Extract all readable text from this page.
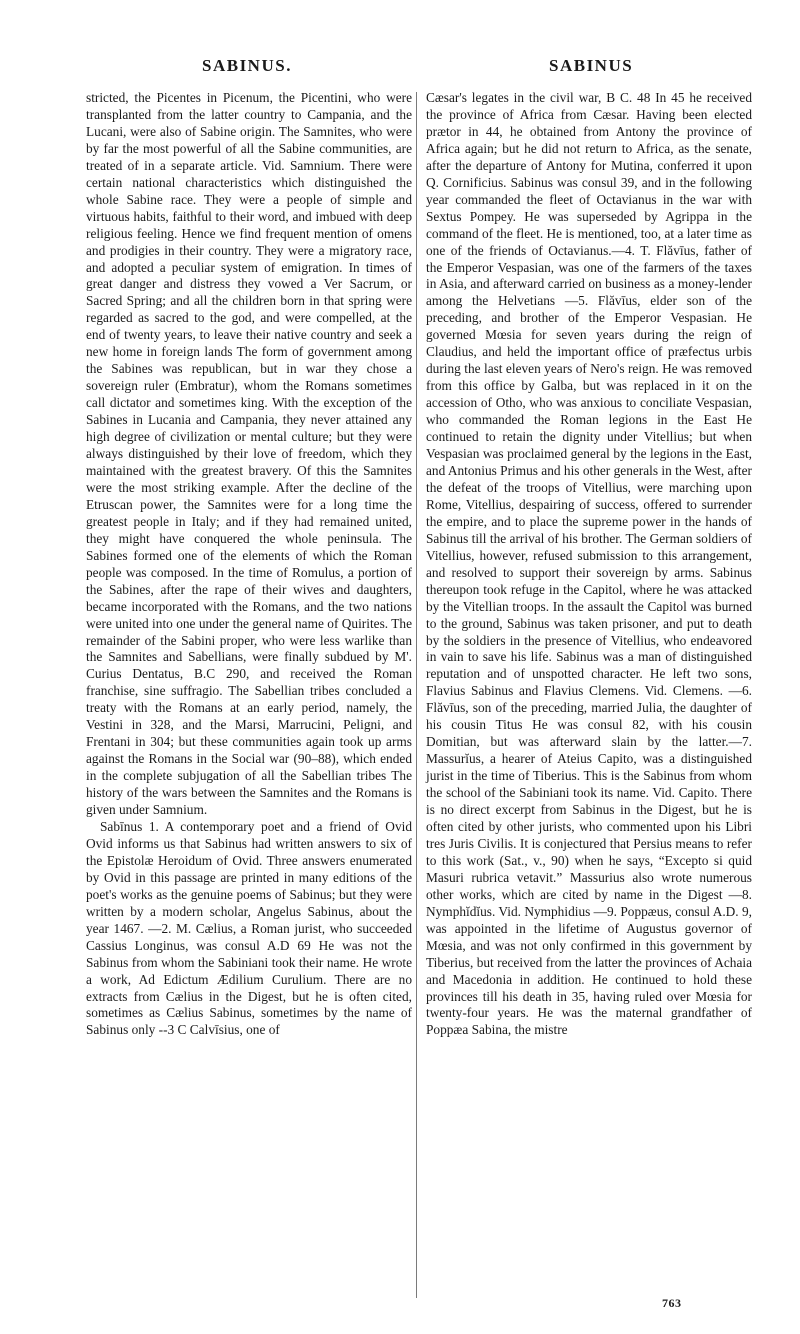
SABINUS.	SABINUS

stricted, the Picentes in Picenum, the Picentini, who were transplanted from the latter country to Campania, and the Lucani, were also of Sabine origin. The Samnites, who were by far the most powerful of all the Sabine communities, are treated of in a separate article. Vid. Samnium. There were certain national characteristics which distinguished the whole Sabine race. They were a people of simple and virtuous habits, faithful to their word, and imbued with deep religious feeling. Hence we find frequent mention of omens and prodigies in their country. They were a migratory race, and adopted a peculiar system of emigration. In times of great danger and distress they vowed a Ver Sacrum, or Sacred Spring; and all the children born in that spring were regarded as sacred to the god, and were compelled, at the end of twenty years, to leave their native country and seek a new home in foreign lands The form of government among the Sabines was republican, but in war they chose a sovereign ruler (Embratur), whom the Romans sometimes call dictator and sometimes king. With the exception of the Sabines in Lucania and Campania, they never attained any high degree of civilization or mental culture; but they were always distinguished by their love of freedom, which they maintained with the greatest bravery. Of this the Samnites were the most striking example. After the decline of the Etruscan power, the Samnites were for a long time the greatest people in Italy; and if they had remained united, they might have conquered the whole peninsula. The Sabines formed one of the elements of which the Roman people was composed. In the time of Romulus, a portion of the Sabines, after the rape of their wives and daughters, became incorporated with the Romans, and the two nations were united into one under the general name of Quirites. The remainder of the Sabini proper, who were less warlike than the Samnites and Sabellians, were finally subdued by M'. Curius Dentatus, B.C 290, and received the Roman franchise, sine suffragio. The Sabellian tribes concluded a treaty with the Romans at an early period, namely, the Vestini in 328, and the Marsi, Marrucini, Peligni, and Frentani in 304; but these communities again took up arms against the Romans in the Social war (90–88), which ended in the complete subjugation of all the Sabellian tribes The history of the wars between the Samnites and the Romans is given under Samnium.

Sabīnus 1. A contemporary poet and a friend of Ovid Ovid informs us that Sabinus had written answers to six of the Epistolæ Heroidum of Ovid. Three answers enumerated by Ovid in this passage are printed in many editions of the poet's works as the genuine poems of Sabinus; but they were written by a modern scholar, Angelus Sabinus, about the year 1467. —2. M. Cælius, a Roman jurist, who succeeded Cassius Longinus, was consul A.D 69 He was not the Sabinus from whom the Sabiniani took their name. He wrote a work, Ad Edictum Ædilium Curulium. There are no extracts from Cælius in the Digest, but he is often cited, sometimes as Cælius Sabinus, sometimes by the name of Sabinus only --3 C Calvīsius, one of

Cæsar's legates in the civil war, B C. 48 In 45 he received the province of Africa from Cæsar. Having been elected prætor in 44, he obtained from Antony the province of Africa again; but he did not return to Africa, as the senate, after the departure of Antony for Mutina, conferred it upon Q. Cornificius. Sabinus was consul 39, and in the following year commanded the fleet of Octavianus in the war with Sextus Pompey. He was superseded by Agrippa in the command of the fleet. He is mentioned, too, at a later time as one of the friends of Octavianus.—4. T. Flăvīus, father of the Emperor Vespasian, was one of the farmers of the taxes in Asia, and afterward carried on business as a money-lender among the Helvetians —5. Flăvīus, elder son of the preceding, and brother of the Emperor Vespasian. He governed Mœsia for seven years during the reign of Claudius, and held the important office of præfectus urbis during the last eleven years of Nero's reign. He was removed from this office by Galba, but was replaced in it on the accession of Otho, who was anxious to conciliate Vespasian, who commanded the Roman legions in the East He continued to retain the dignity under Vitellius; but when Vespasian was proclaimed general by the legions in the East, and Antonius Primus and his other generals in the West, after the defeat of the troops of Vitellius, were marching upon Rome, Vitellius, despairing of success, offered to surrender the empire, and to place the supreme power in the hands of Sabinus till the arrival of his brother. The German soldiers of Vitellius, however, refused submission to this arrangement, and resolved to support their sovereign by arms. Sabinus thereupon took refuge in the Capitol, where he was attacked by the Vitellian troops. In the assault the Capitol was burned to the ground, Sabinus was taken prisoner, and put to death by the soldiers in the presence of Vitellius, who endeavored in vain to save his life. Sabinus was a man of distinguished reputation and of unspotted character. He left two sons, Flavius Sabinus and Flavius Clemens. Vid. Clemens. —6. Flăvīus, son of the preceding, married Julia, the daughter of his cousin Titus He was consul 82, with his cousin Domitian, but was afterward slain by the latter.—7. Massurĭus, a hearer of Ateius Capito, was a distinguished jurist in the time of Tiberius. This is the Sabinus from whom the school of the Sabiniani took its name. Vid. Capito. There is no direct excerpt from Sabinus in the Digest, but he is often cited by other jurists, who commented upon his Libri tres Juris Civilis. It is conjectured that Persius means to refer to this work (Sat., v., 90) when he says, “Excepto si quid Masuri rubrica vetavit.” Massurius also wrote numerous other works, which are cited by name in the Digest —8. Nymphĭdĭus. Vid. Nymphidius —9. Poppæus, consul A.D. 9, was appointed in the lifetime of Augustus governor of Mœsia, and was not only confirmed in this government by Tiberius, but received from the latter the provinces of Achaia and Macedonia in addition. He continued to hold these provinces till his death in 35, having ruled over Mœsia for twenty-four years. He was the maternal grandfather of Poppæa Sabina, the mistre

763
